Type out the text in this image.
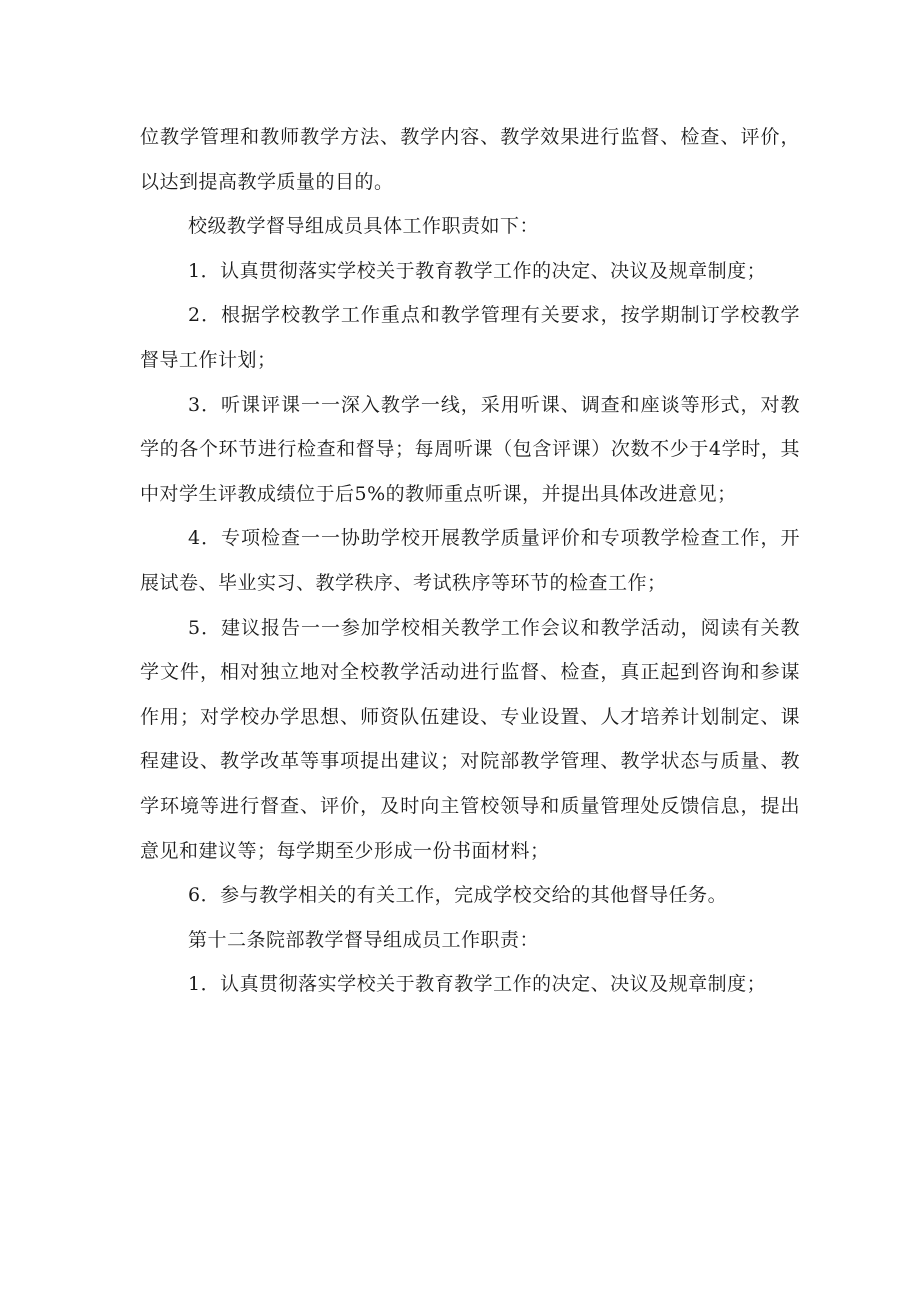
位教学管理和教师教学方法、教学内容、教学效果进行监督、检查、评价，以达到提高教学质量的目的。

校级教学督导组成员具体工作职责如下：

1．认真贯彻落实学校关于教育教学工作的决定、决议及规章制度；

2．根据学校教学工作重点和教学管理有关要求，按学期制订学校教学督导工作计划；

3．听课评课一一深入教学一线，采用听课、调查和座谈等形式，对教学的各个环节进行检查和督导；每周听课（包含评课）次数不少于4学时，其中对学生评教成绩位于后5%的教师重点听课，并提出具体改进意见；

4．专项检查一一协助学校开展教学质量评价和专项教学检查工作，开展试卷、毕业实习、教学秩序、考试秩序等环节的检查工作；

5．建议报告一一参加学校相关教学工作会议和教学活动，阅读有关教学文件，相对独立地对全校教学活动进行监督、检查，真正起到咨询和参谋作用；对学校办学思想、师资队伍建设、专业设置、人才培养计划制定、课程建设、教学改革等事项提出建议；对院部教学管理、教学状态与质量、教学环境等进行督查、评价，及时向主管校领导和质量管理处反馈信息，提出意见和建议等；每学期至少形成一份书面材料；

6．参与教学相关的有关工作，完成学校交给的其他督导任务。

第十二条院部教学督导组成员工作职责：

1．认真贯彻落实学校关于教育教学工作的决定、决议及规章制度；
